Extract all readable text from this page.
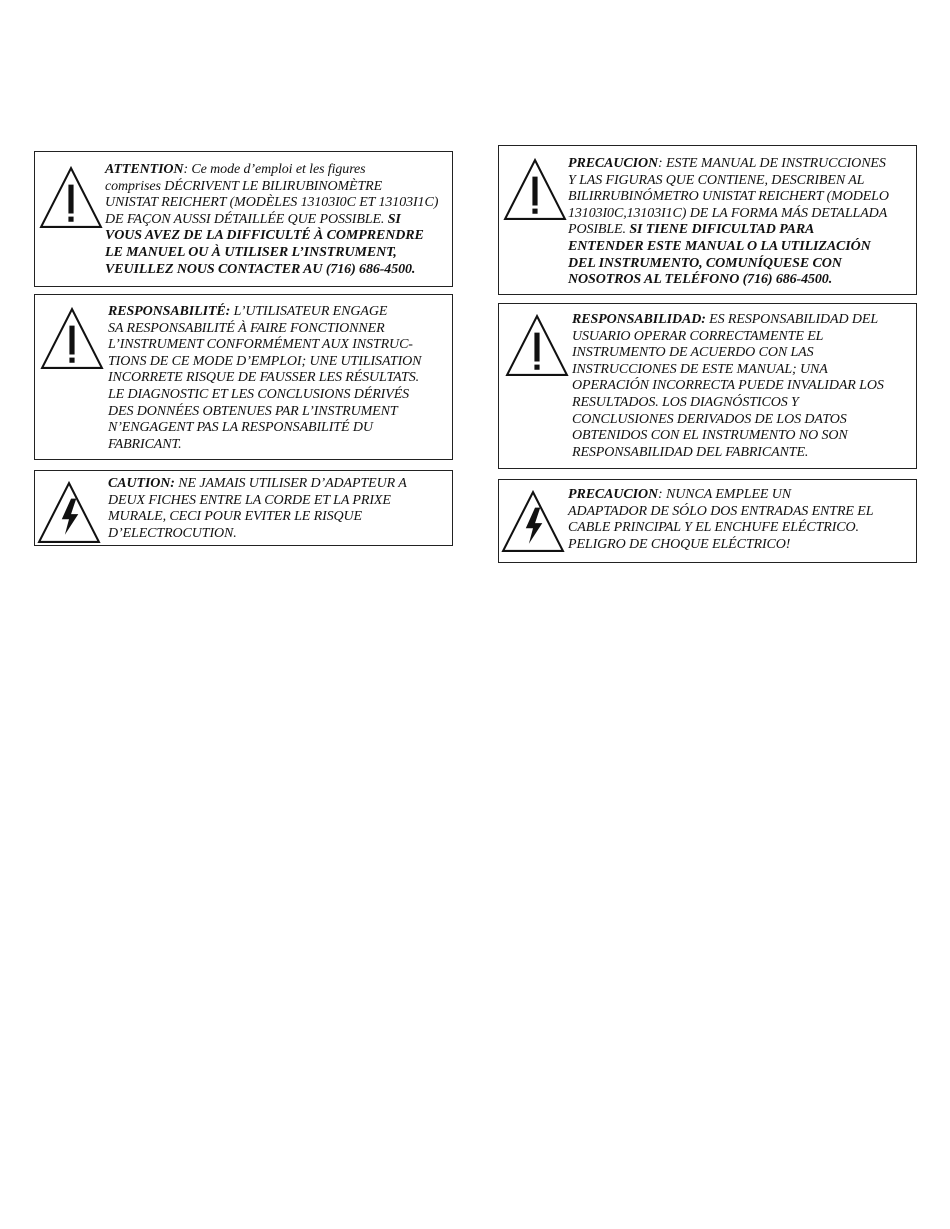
ATTENTION: Ce mode d’emploi et les figures
comprises DÉCRIVENT LE BILIRUBINOMÈTRE
UNISTAT REICHERT (MODÈLES 13103I0C ET 13103I1C)
DE FAÇON AUSSI DÉTAILLÉE QUE POSSIBLE. SI
VOUS AVEZ DE LA DIFFICULTÉ À COMPRENDRE
LE MANUEL OU À UTILISER L’INSTRUMENT,
VEUILLEZ NOUS CONTACTER AU (716) 686-4500.
RESPONSABILITÉ: L’UTILISATEUR ENGAGE
SA RESPONSABILITÉ À FAIRE FONCTIONNER
L’INSTRUMENT CONFORMÉMENT AUX INSTRUC-
TIONS DE CE MODE D’EMPLOI; UNE UTILISATION
INCORRETE RISQUE DE FAUSSER LES RÉSULTATS.
LE DIAGNOSTIC ET LES CONCLUSIONS DÉRIVÉS
DES DONNÉES OBTENUES PAR L’INSTRUMENT
N’ENGAGENT PAS LA RESPONSABILITÉ DU
FABRICANT.
CAUTION: NE JAMAIS UTILISER D’ADAPTEUR A
DEUX FICHES ENTRE LA CORDE ET LA PRIXE
MURALE, CECI POUR EVITER LE RISQUE
D’ELECTROCUTION.
PRECAUCION: ESTE MANUAL DE INSTRUCCIONES
Y LAS FIGURAS QUE CONTIENE, DESCRIBEN AL
BILIRRUBINÓMETRO UNISTAT REICHERT (MODELO
13103I0C,13103I1C) DE LA FORMA MÁS DETALLADA
POSIBLE. SI TIENE DIFICULTAD PARA
ENTENDER ESTE MANUAL O LA UTILIZACIÓN
DEL INSTRUMENTO, COMUNÍQUESE CON
NOSOTROS AL TELÉFONO (716) 686-4500.
RESPONSABILIDAD: ES RESPONSABILIDAD DEL
USUARIO OPERAR CORRECTAMENTE EL
INSTRUMENTO DE ACUERDO CON LAS
INSTRUCCIONES DE ESTE MANUAL; UNA
OPERACIÓN INCORRECTA PUEDE INVALIDAR LOS
RESULTADOS. LOS DIAGNÓSTICOS Y
CONCLUSIONES DERIVADOS DE LOS DATOS
OBTENIDOS CON EL INSTRUMENTO NO SON
RESPONSABILIDAD DEL FABRICANTE.
PRECAUCION: NUNCA EMPLEE UN
ADAPTADOR DE SÓLO DOS ENTRADAS ENTRE EL
CABLE PRINCIPAL Y EL ENCHUFE ELÉCTRICO.
PELIGRO DE CHOQUE ELÉCTRICO!
